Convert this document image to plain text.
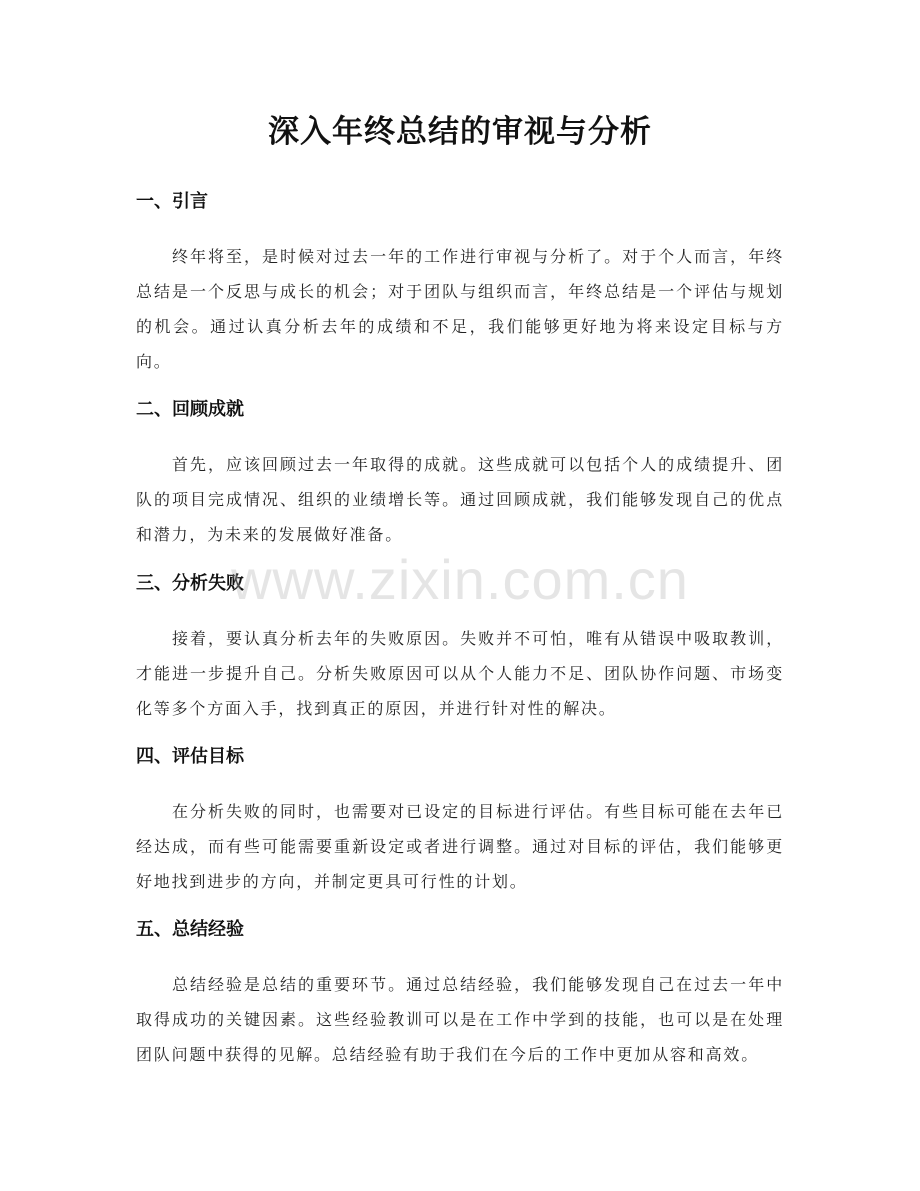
深入年终总结的审视与分析
一、引言

终年将至，是时候对过去一年的工作进行审视与分析了。对于个人而言，年终总结是一个反思与成长的机会；对于团队与组织而言，年终总结是一个评估与规划的机会。通过认真分析去年的成绩和不足，我们能够更好地为将来设定目标与方向。

二、回顾成就

首先，应该回顾过去一年取得的成就。这些成就可以包括个人的成绩提升、团队的项目完成情况、组织的业绩增长等。通过回顾成就，我们能够发现自己的优点和潜力，为未来的发展做好准备。

三、分析失败

接着，要认真分析去年的失败原因。失败并不可怕，唯有从错误中吸取教训，才能进一步提升自己。分析失败原因可以从个人能力不足、团队协作问题、市场变化等多个方面入手，找到真正的原因，并进行针对性的解决。

四、评估目标

在分析失败的同时，也需要对已设定的目标进行评估。有些目标可能在去年已经达成，而有些可能需要重新设定或者进行调整。通过对目标的评估，我们能够更好地找到进步的方向，并制定更具可行性的计划。

五、总结经验

总结经验是总结的重要环节。通过总结经验，我们能够发现自己在过去一年中取得成功的关键因素。这些经验教训可以是在工作中学到的技能，也可以是在处理团队问题中获得的见解。总结经验有助于我们在今后的工作中更加从容和高效。

www.zixin.com.cn
